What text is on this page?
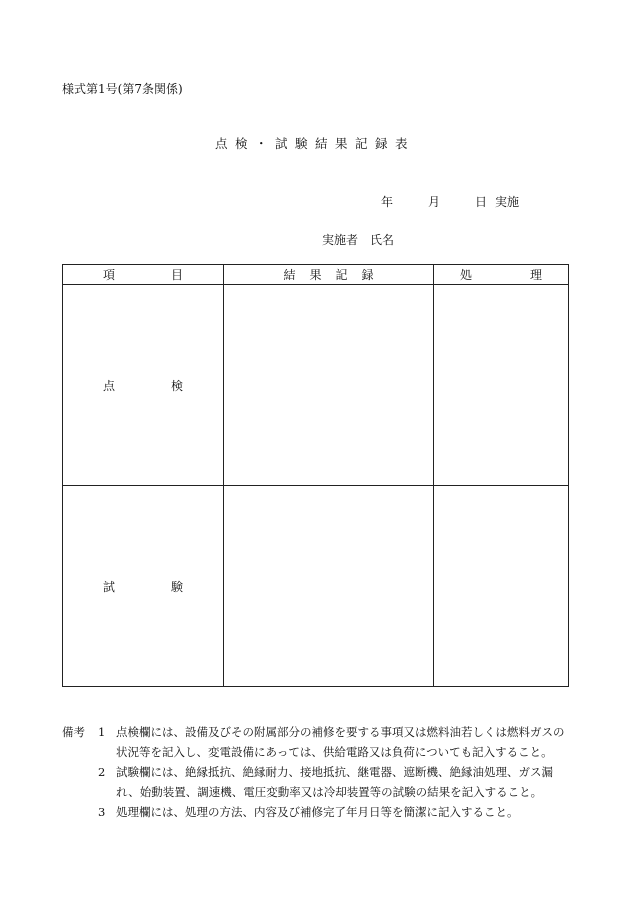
様式第1号(第7条関係)
点検・試験結果記録表
年	月	日 実施
実施者 氏名
項 目	結 果 記 録	処 理

点 検		

試 験		

備考	1 点検欄には、設備及びその附属部分の補修を要する事項又は燃料油若しくは燃料ガスの状況等を記入し、変電設備にあっては、供給電路又は負荷についても記入すること。
2 試験欄には、絶縁抵抗、絶縁耐力、接地抵抗、継電器、遮断機、絶縁油処理、ガス漏れ、始動装置、調速機、電圧変動率又は冷却装置等の試験の結果を記入すること。
3 処理欄には、処理の方法、内容及び補修完了年月日等を簡潔に記入すること。
